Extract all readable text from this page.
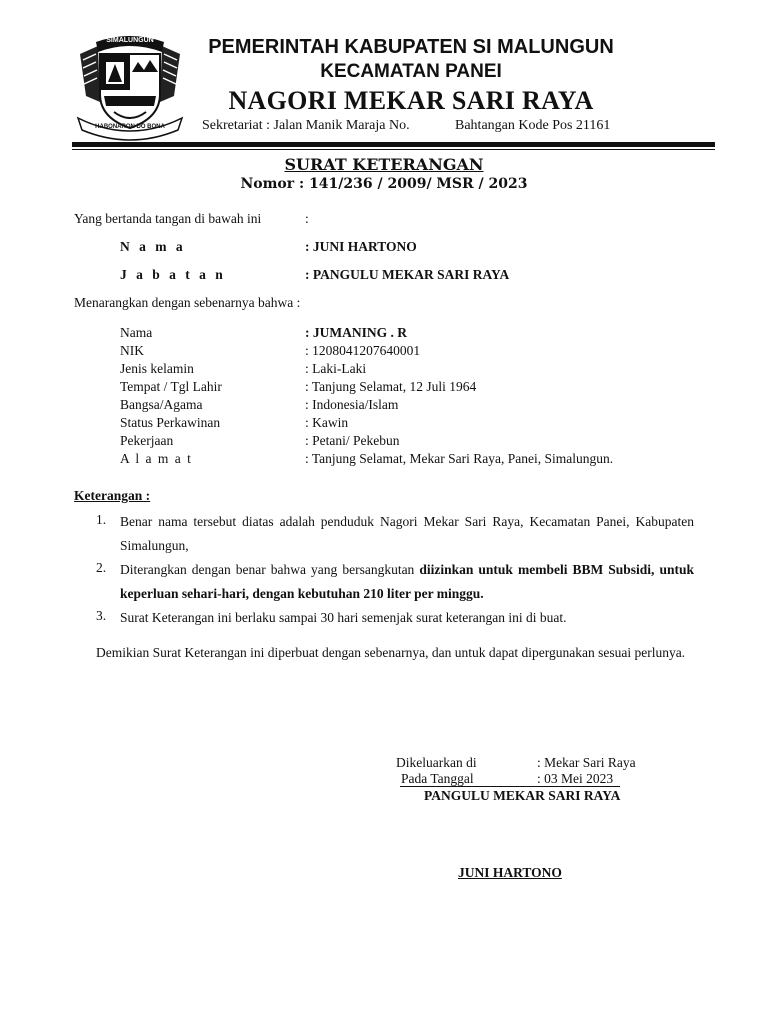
SIMALUNGUN
HABONARON DO BONA
PEMERINTAH KABUPATEN SI MALUNGUN
KECAMATAN PANEI
NAGORI MEKAR SARI RAYA
Sekretariat : Jalan Manik Maraja No.	Bahtangan Kode Pos 21161
SURAT KETERANGAN
Nomor : 141/236 / 2009/ MSR / 2023
Yang bertanda tangan di bawah ini	:
N a m a	: JUNI HARTONO
J a b a t a n	: PANGULU MEKAR SARI RAYA
Menarangkan dengan sebenarnya bahwa :
Nama	: JUMANING . R
NIK	: 1208041207640001
Jenis kelamin	: Laki-Laki
Tempat / Tgl Lahir	: Tanjung Selamat, 12 Juli 1964
Bangsa/Agama	: Indonesia/Islam
Status Perkawinan	: Kawin
Pekerjaan	: Petani/ Pekebun
A l a m a t	: Tanjung Selamat, Mekar Sari Raya, Panei, Simalungun.
Keterangan :
1. Benar nama tersebut diatas adalah penduduk Nagori Mekar Sari Raya, Kecamatan Panei, Kabupaten Simalungun,
2. Diterangkan dengan benar bahwa yang bersangkutan diizinkan untuk membeli BBM Subsidi, untuk keperluan sehari-hari, dengan kebutuhan 210 liter per minggu.
3. Surat Keterangan ini berlaku sampai 30 hari semenjak surat keterangan ini di buat.
Demikian Surat Keterangan ini diperbuat dengan sebenarnya, dan untuk dapat dipergunakan sesuai perlunya.
Dikeluarkan di	: Mekar Sari Raya
Pada Tanggal	: 03 Mei 2023
PANGULU MEKAR SARI RAYA
JUNI HARTONO
